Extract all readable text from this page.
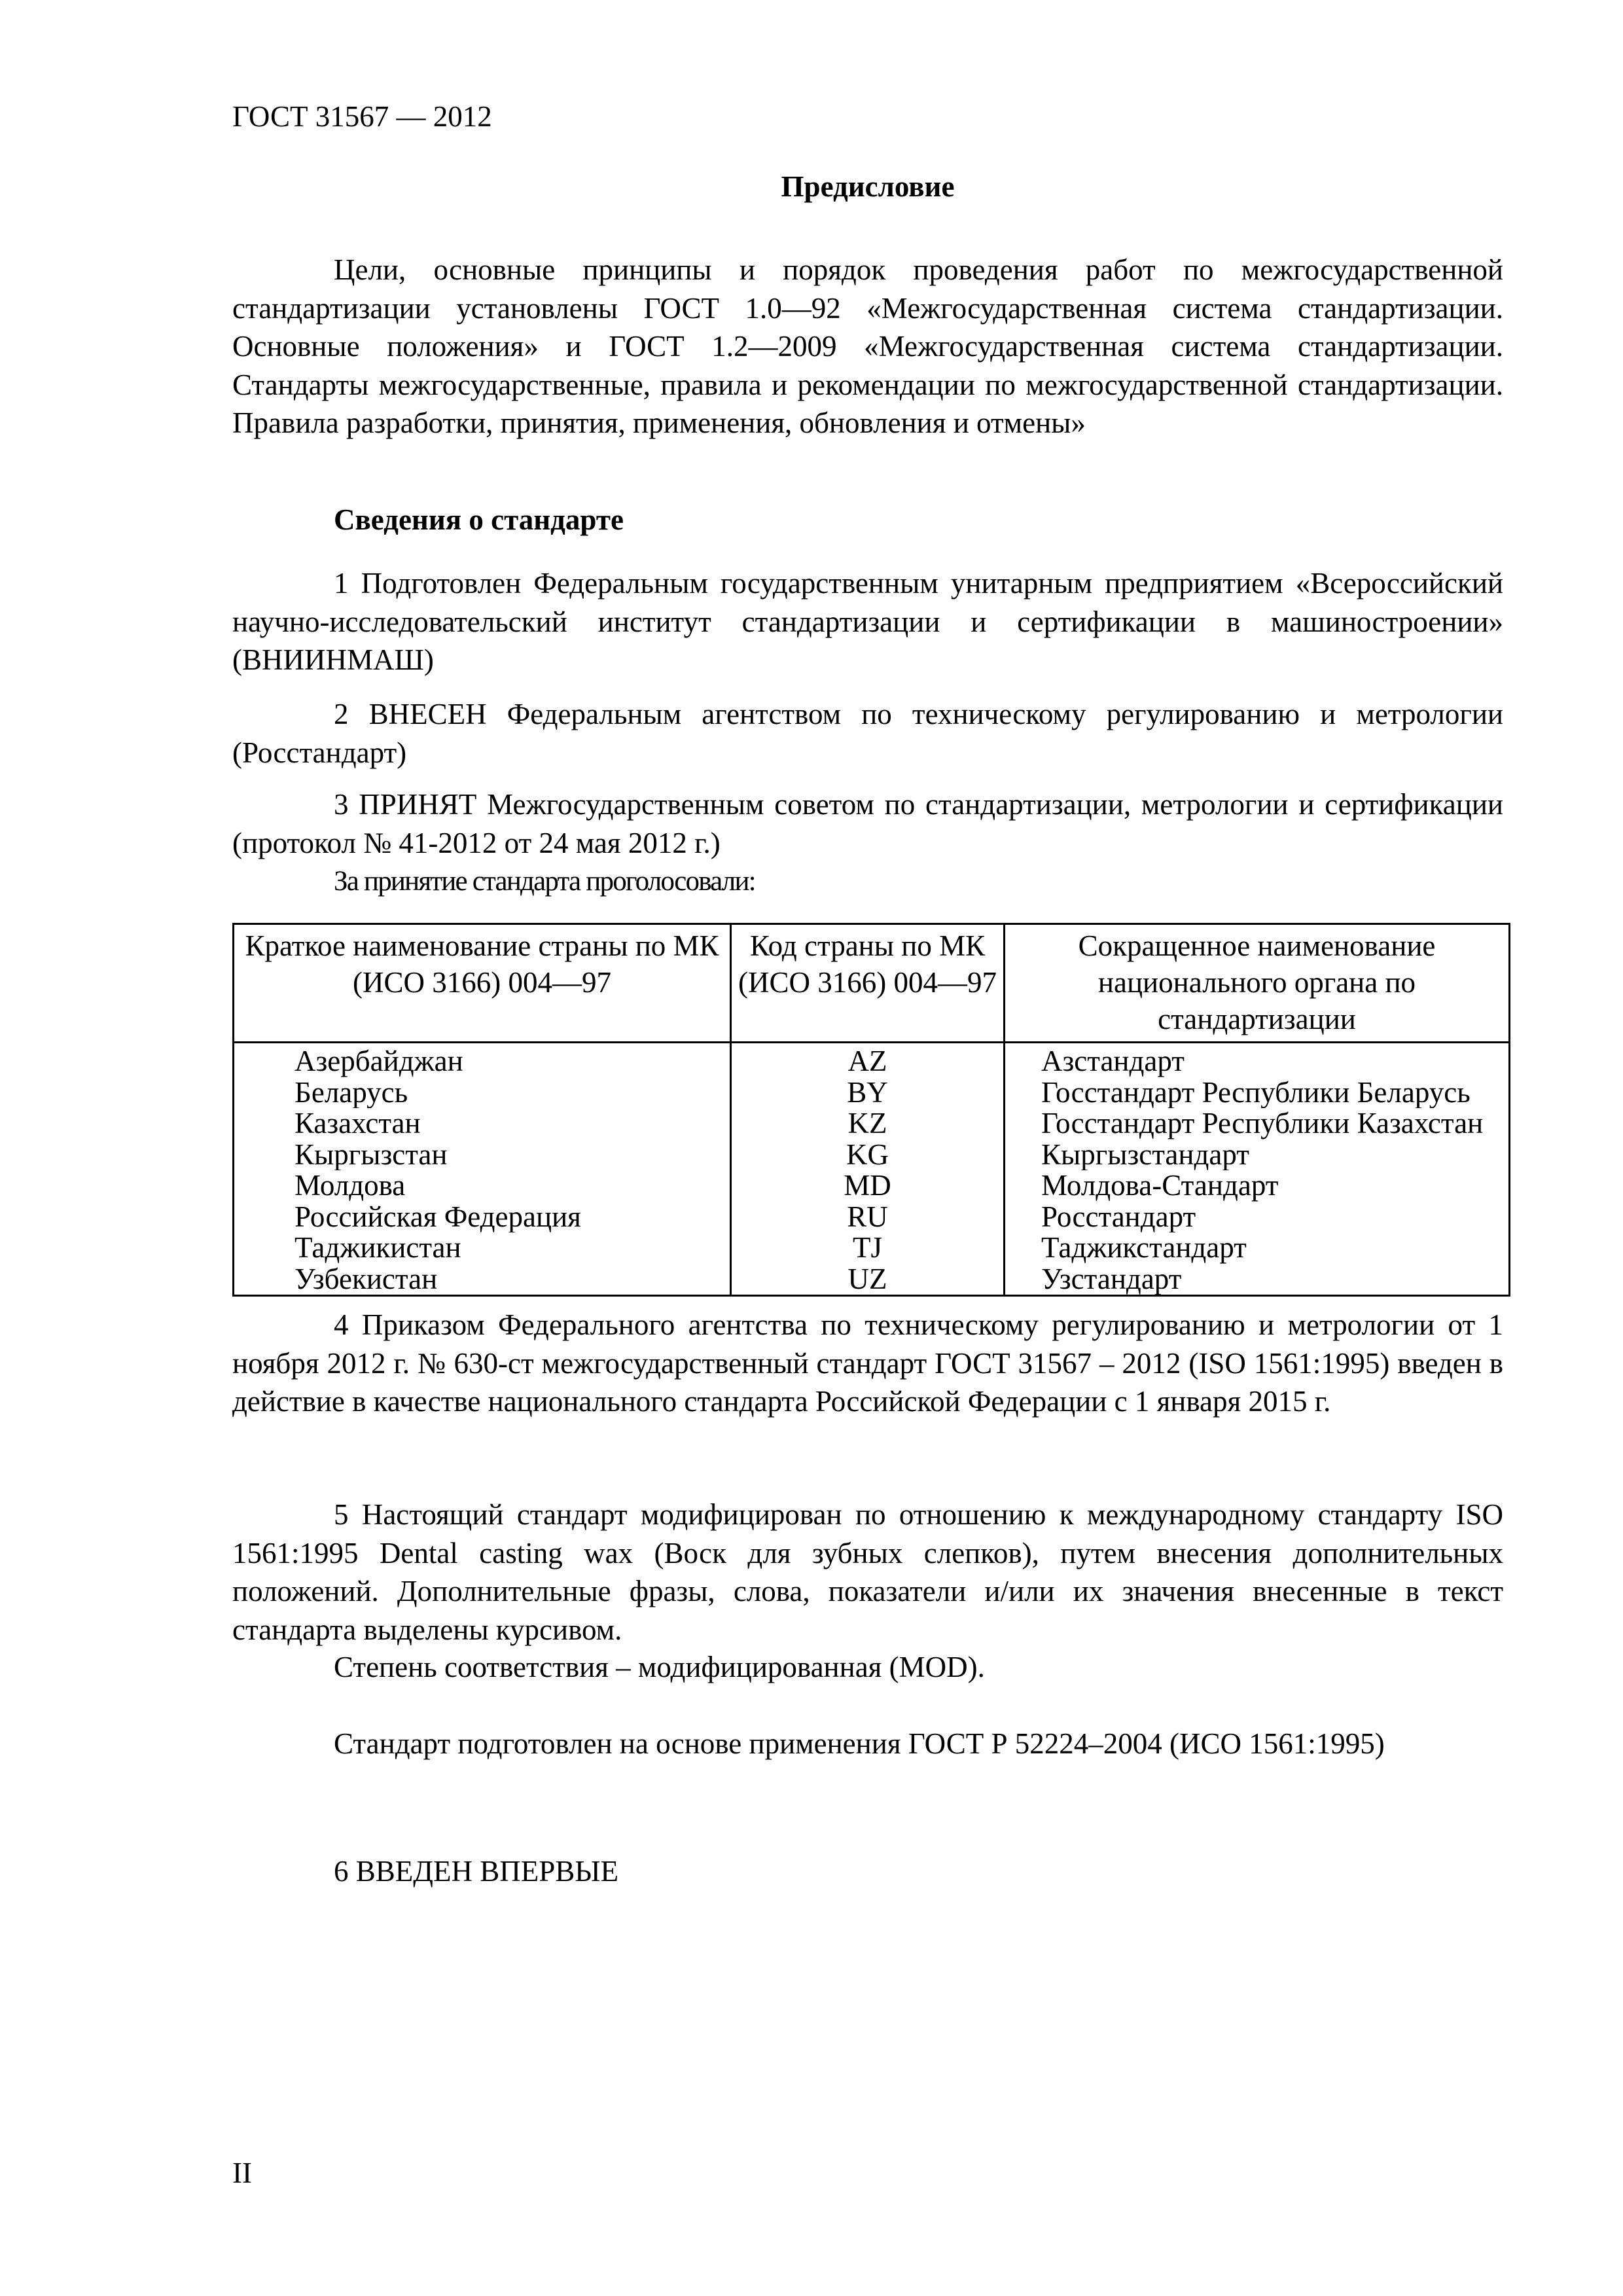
ГОСТ 31567 — 2012
Предисловие

Цели, основные принципы и порядок проведения работ по межгосударственной стандартизации установлены ГОСТ 1.0—92 «Межгосударственная система стандартизации. Основные положения» и ГОСТ 1.2—2009 «Межгосударственная система стандартизации. Стандарты межгосударственные, правила и рекомендации по межгосударственной стандартизации. Правила разработки, принятия, применения, обновления и отмены»

Сведения о стандарте

1 Подготовлен Федеральным государственным унитарным предприятием «Всероссийский научно-исследовательский институт стандартизации и сертификации в машиностроении» (ВНИИНМАШ)

2 ВНЕСЕН Федеральным агентством по техническому регулированию и метрологии (Росстандарт)

3 ПРИНЯТ Межгосударственным советом по стандартизации, метрологии и сертификации (протокол № 41-2012 от 24 мая 2012 г.)

За принятие стандарта проголосовали:
Краткое наименование страны по МК (ИСО 3166) 004—97	Код страны по МК (ИСО 3166) 004—97	Сокращенное наименование национального органа по стандартизации
Азербайджан	AZ	Азстандарт
Беларусь	BY	Госстандарт Республики Беларусь
Казахстан	KZ	Госстандарт Республики Казахстан
Кыргызстан	KG	Кыргызстандарт
Молдова	MD	Молдова-Стандарт
Российская Федерация	RU	Росстандарт
Таджикистан	TJ	Таджикстандарт
Узбекистан	UZ	Узстандарт

4 Приказом Федерального агентства по техническому регулированию и метрологии от 1 ноября 2012 г. № 630-ст межгосударственный стандарт ГОСТ 31567 – 2012 (ISO 1561:1995) введен в действие в качестве национального стандарта Российской Федерации с 1 января 2015 г.

5 Настоящий стандарт модифицирован по отношению к международному стандарту ISO 1561:1995 Dental casting wax (Воск для зубных слепков), путем внесения дополнительных положений. Дополнительные фразы, слова, показатели и/или их значения внесенные в текст стандарта выделены курсивом.

Степень соответствия – модифицированная (MOD).

Стандарт подготовлен на основе применения ГОСТ Р 52224–2004 (ИСО 1561:1995)

6 ВВЕДЕН ВПЕРВЫЕ

II
